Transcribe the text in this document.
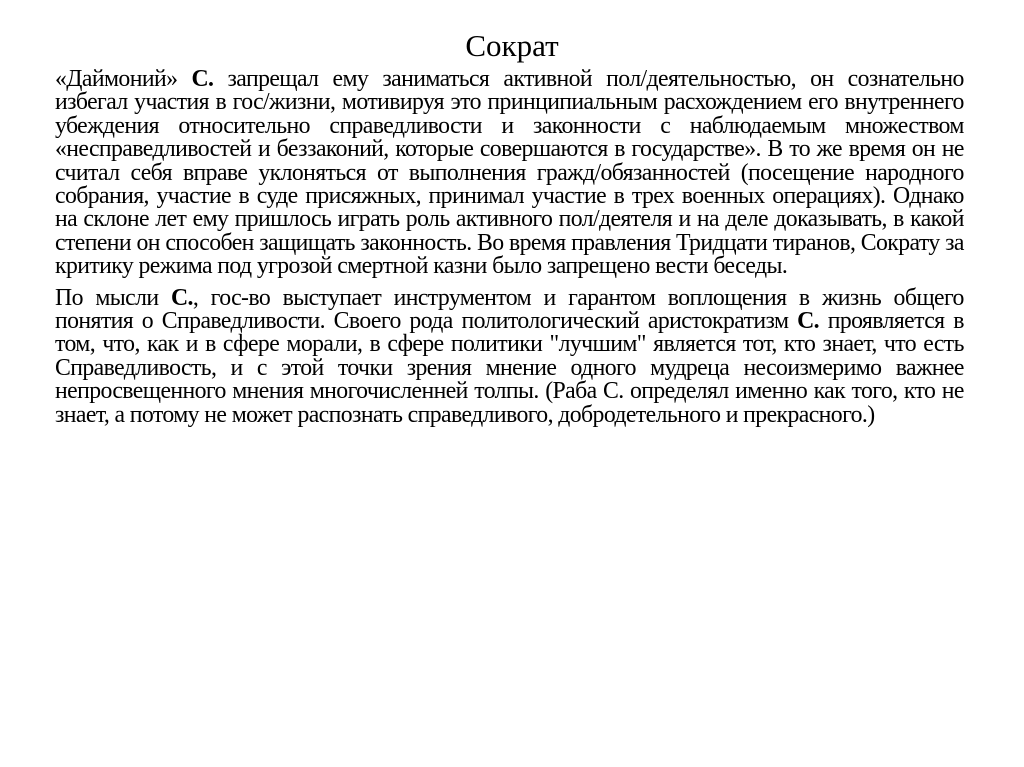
Сократ

«Даймоний» С. запрещал ему заниматься активной пол/деятельностью, он сознательно избегал участия в гос/жизни, мотивируя это принципиальным расхождением его внутреннего убеждения относительно справедливости и законности с наблюдаемым множеством «несправедливостей и беззаконий, которые совершаются в государстве». В то же время он не считал себя вправе уклоняться от выполнения гражд/обязанностей (посещение народного собрания, участие в суде присяжных, принимал участие в трех военных операциях). Однако на склоне лет ему пришлось играть роль активного пол/деятеля и на деле доказывать, в какой степени он способен защищать законность. Во время правления Тридцати тиранов, Сократу за критику режима под угрозой смертной казни было запрещено вести беседы.

По мысли С., гос-во выступает инструментом и гарантом воплощения в жизнь общего понятия о Справедливости. Своего рода политологический аристократизм С. проявляется в том, что, как и в сфере морали, в сфере политики "лучшим" является тот, кто знает, что есть Справедливость, и с этой точки зрения мнение одного мудреца несоизмеримо важнее непросвещенного мнения многочисленней толпы. (Раба С. определял именно как того, кто не знает, а потому не может распознать справедливого, добродетельного и прекрасного.)
